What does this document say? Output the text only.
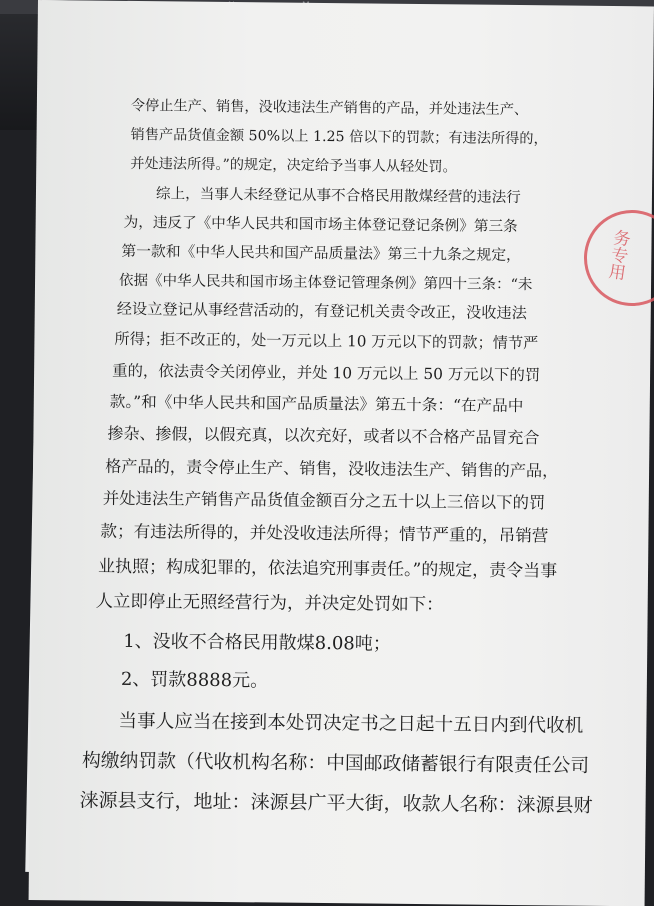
令停止生产、销售，没收违法生产销售的产品，并处违法生产、
销售产品货值金额 50%以上 1.25 倍以下的罚款；有违法所得的，
并处违法所得。”的规定，决定给予当事人从轻处罚。
综上，当事人未经登记从事不合格民用散煤经营的违法行
为，违反了《中华人民共和国市场主体登记登记条例》第三条
第一款和《中华人民共和国产品质量法》第三十九条之规定，
依据《中华人民共和国市场主体登记管理条例》第四十三条：“未
经设立登记从事经营活动的，有登记机关责令改正，没收违法
所得；拒不改正的，处一万元以上 10 万元以下的罚款；情节严
重的，依法责令关闭停业，并处 10 万元以上 50 万元以下的罚
款。”和《中华人民共和国产品质量法》第五十条：“在产品中
掺杂、掺假，以假充真，以次充好，或者以不合格产品冒充合
格产品的，责令停止生产、销售，没收违法生产、销售的产品，
并处违法生产销售产品货值金额百分之五十以上三倍以下的罚
款；有违法所得的，并处没收违法所得；情节严重的，吊销营
业执照；构成犯罪的，依法追究刑事责任。”的规定，责令当事
人立即停止无照经营行为，并决定处罚如下：
1、没收不合格民用散煤8.08吨；
2、罚款8888元。
当事人应当在接到本处罚决定书之日起十五日内到代收机
构缴纳罚款（代收机构名称：中国邮政储蓄银行有限责任公司
涞源县支行，地址：涞源县广平大街，收款人名称：涞源县财
务专用
